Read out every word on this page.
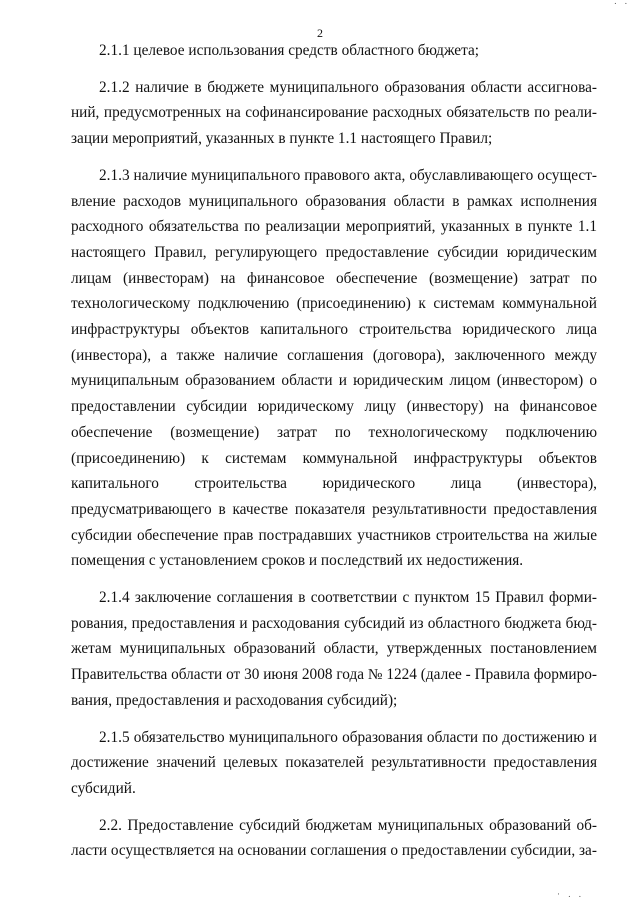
. .
2

2.1.1 целевое использования средств областного бюджета;

2.1.2 наличие в бюджете муниципального образования области ассигнований, предусмотренных на софинансирование расходных обязательств по реализации мероприятий, указанных в пункте 1.1 настоящего Правил;

2.1.3 наличие муниципального правового акта, обуславливающего осуществление расходов муниципального образования области в рамках исполнения расходного обязательства по реализации мероприятий, указанных в пункте 1.1 настоящего Правил, регулирующего предоставление субсидии юридическим лицам (инвесторам) на финансовое обеспечение (возмещение) затрат по технологическому подключению (присоединению) к системам коммунальной инфраструктуры объектов капитального строительства юридического лица (инвестора), а также наличие соглашения (договора), заключенного между муниципальным образованием области и юридическим лицом (инвестором) о предоставлении субсидии юридическому лицу (инвестору) на финансовое обеспечение (возмещение) затрат по технологическому подключению (присоединению) к системам коммунальной инфраструктуры объектов капитального строительства юридического лица (инвестора), предусматривающего в качестве показателя результативности предоставления субсидии обеспечение прав пострадавших участников строительства на жилые помещения с установлением сроков и последствий их недостижения.

2.1.4 заключение соглашения в соответствии с пунктом 15 Правил формирования, предоставления и расходования субсидий из областного бюджета бюджетам муниципальных образований области, утвержденных постановлением Правительства области от 30 июня 2008 года № 1224 (далее - Правила формирования, предоставления и расходования субсидий);

2.1.5 обязательство муниципального образования области по достижению и достижение значений целевых показателей результативности предоставления субсидий.

2.2. Предоставление субсидий бюджетам муниципальных образований области осуществляется на основании соглашения о предоставлении субсидии, за-

· . .
